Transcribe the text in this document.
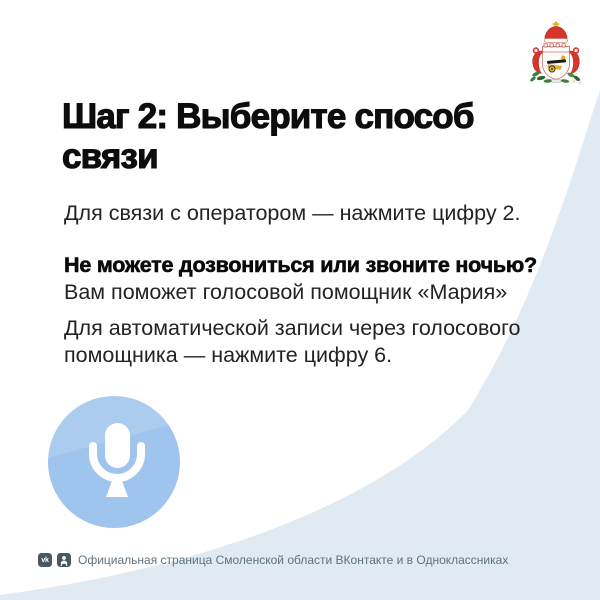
Шаг 2: Выберите способ
связи
Для связи с оператором — нажмите цифру 2.
Не можете дозвониться или звоните ночью?
Вам поможет голосовой помощник «Мария»
Для автоматической записи через голосового
помощника — нажмите цифру 6.
vk Официальная страница Смоленской области ВКонтакте и в Одноклассниках
